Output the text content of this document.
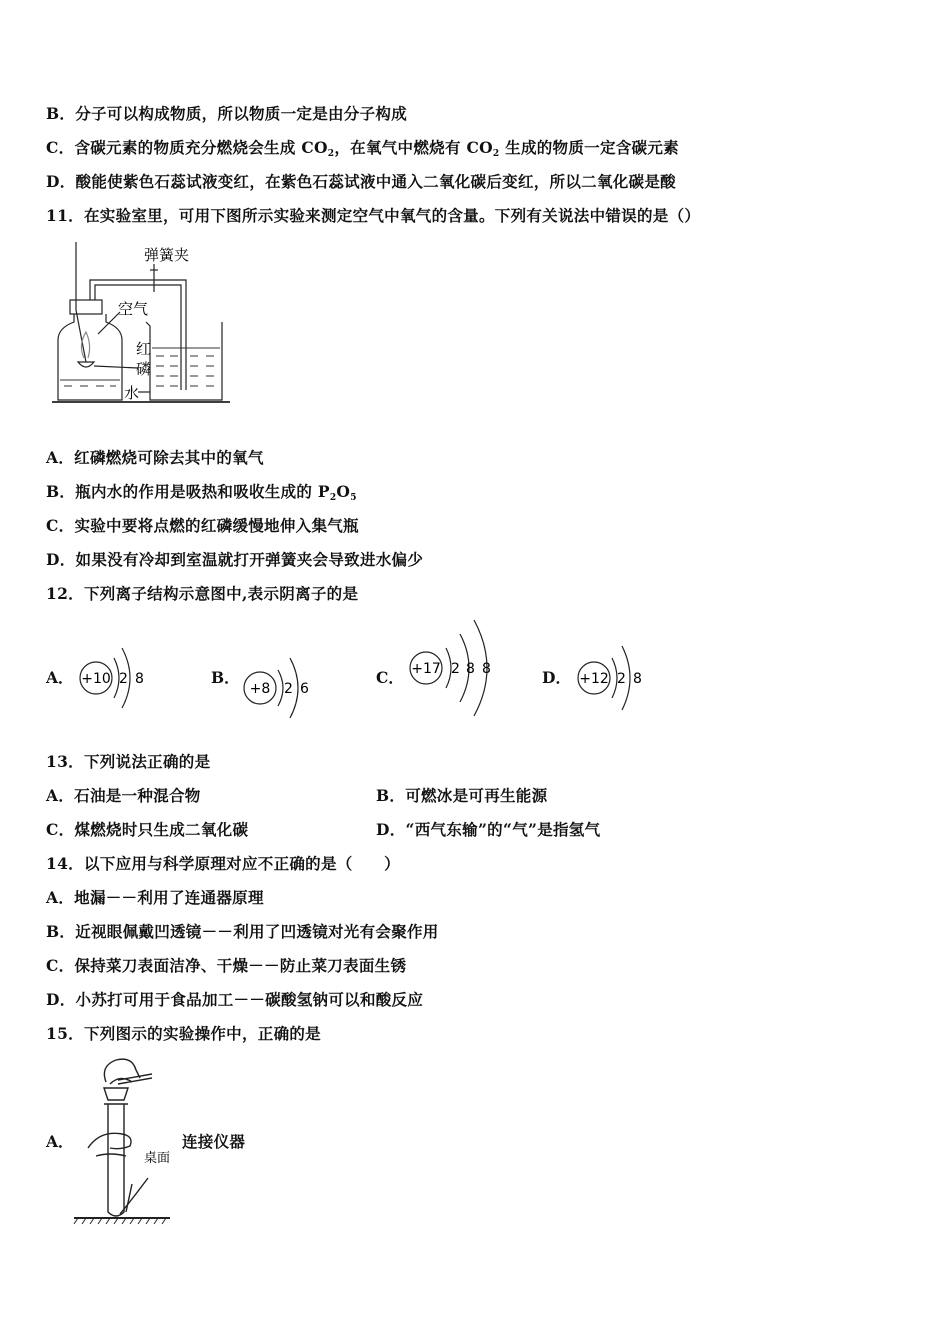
B．分子可以构成物质，所以物质一定是由分子构成
C．含碳元素的物质充分燃烧会生成 $CO_2$，在氧气中燃烧有 $CO_2$ 生成的物质一定含碳元素
D．酸能使紫色石蕊试液变红，在紫色石蕊试液中通入二氧化碳后变红，所以二氧化碳是酸
11．在实验室里，可用下图所示实验来测定空气中氧气的含量。下列有关说法中错误的是（）
弹簧夹
空气
红
磷
水
A．红磷燃烧可除去其中的氧气
B．瓶内水的作用是吸热和吸收生成的 $P_2O_5$
C．实验中要将点燃的红磷缓慢地伸入集气瓶
D．如果没有冷却到室温就打开弹簧夹会导致进水偏少
12．下列离子结构示意图中,表示阴离子的是
A． +10 2 8	B．
+8 2 6
C． +17 2 8 8	D． +12 2 8
13．下列说法正确的是
A．石油是一种混合物	B．可燃冰是可再生能源
C．煤燃烧时只生成二氧化碳	D．“西气东输”的“气”是指氢气
14．以下应用与科学原理对应不正确的是（　　）
A．地漏－－利用了连通器原理
B．近视眼佩戴凹透镜－－利用了凹透镜对光有会聚作用
C．保持菜刀表面洁净、干燥－－防止菜刀表面生锈
D．小苏打可用于食品加工－－碳酸氢钠可以和酸反应
15．下列图示的实验操作中，正确的是
A．
桌面
连接仪器
